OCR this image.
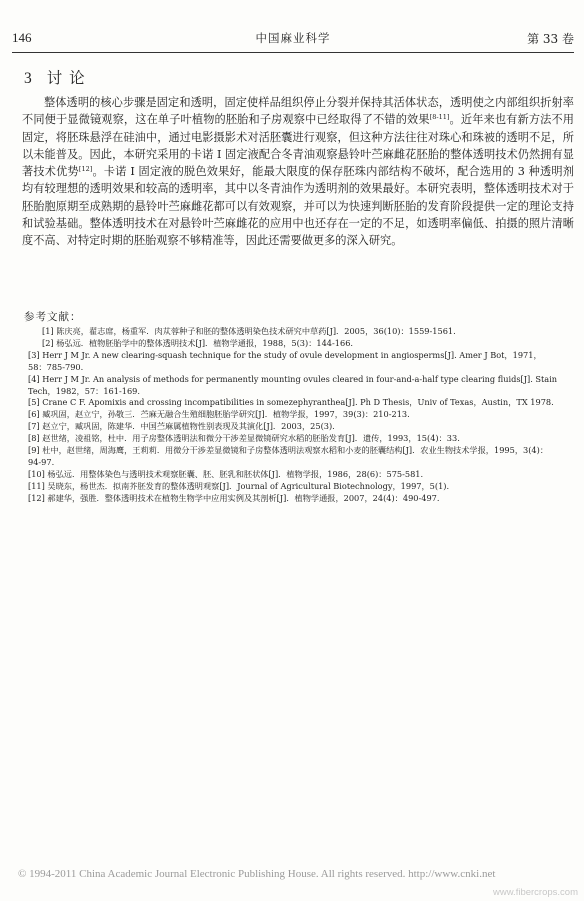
146	中国麻业科学	第 33 卷
3 讨 论

整体透明的核心步骤是固定和透明，固定使样品组织停止分裂并保持其活体状态，透明使之内部组织折射率不同便于显微镜观察，这在单子叶植物的胚胎和子房观察中已经取得了不错的效果[8-11]。近年来也有新方法不用固定，将胚珠悬浮在硅油中，通过电影摄影术对活胚囊进行观察，但这种方法往往对珠心和珠被的透明不足，所以未能普及。因此，本研究采用的卡诺 I 固定液配合冬青油观察悬铃叶苎麻雌花胚胎的整体透明技术仍然拥有显著技术优势[12]。卡诺 I 固定液的脱色效果好，能最大限度的保存胚珠内部结构不破坏，配合选用的 3 种透明剂均有较理想的透明效果和较高的透明率，其中以冬青油作为透明剂的效果最好。本研究表明，整体透明技术对于胚胎胞原期至成熟期的悬铃叶苎麻雌花都可以有效观察，并可以为快速判断胚胎的发育阶段提供一定的理论支持和试验基础。整体透明技术在对悬铃叶苎麻雌花的应用中也还存在一定的不足，如透明率偏低、拍摄的照片清晰度不高、对特定时期的胚胎观察不够精准等，因此还需要做更多的深入研究。

参考文献：
[1] 陈庆亮，翟志席，杨重军．肉苁蓉种子和胚的整体透明染色技术研究中草药[J]．2005，36(10)：1559-1561.
[2] 杨弘远．植物胚胎学中的整体透明技术[J]．植物学通报，1988，5(3)：144-166.
[3] Herr J M Jr. A new clearing-squash technique for the study of ovule development in angiosperms[J]. Amer J Bot，1971，58：785-790.
[4] Herr J M Jr. An analysis of methods for permanently mounting ovules cleared in four-and-a-half type clearing fluids[J]. Stain Tech，1982，57：161-169.
[5] Crane C F. Apomixis and crossing incompatibilities in somezephyranthea[J]. Ph D Thesis，Univ of Texas，Austin，TX 1978.
[6] 臧巩固，赵立宁，孙敬三．苎麻无融合生殖细胞胚胎学研究[J]．植物学报，1997，39(3)：210-213.
[7] 赵立宁，臧巩固，陈建华．中国苎麻属植物性别表现及其演化[J]．2003，25(3).
[8] 赵世绪，凌祖铭，杜中．用子房整体透明法和微分干涉差显微镜研究水稻的胚胎发育[J]．遗传，1993，15(4)：33.
[9] 杜中，赵世绪，周海鹰，王莉莉．用微分干涉差显微镜和子房整体透明法观察水稻和小麦的胚囊结构[J]．农业生物技术学报，1995，3(4)：94-97.
[10] 杨弘远．用整体染色与透明技术观察胚囊、胚、胚乳和胚状体[J]．植物学报，1986，28(6)：575-581.
[11] 吴晓东，杨世杰．拟南芥胚发育的整体透明观察[J]．Journal of Agricultural Biotechnology，1997，5(1).
[12] 郝建华，强胜．整体透明技术在植物生物学中应用实例及其剖析[J]．植物学通报，2007，24(4)：490-497.
© 1994-2011 China Academic Journal Electronic Publishing House. All rights reserved. http://www.cnki.net
www.fibercrops.com
